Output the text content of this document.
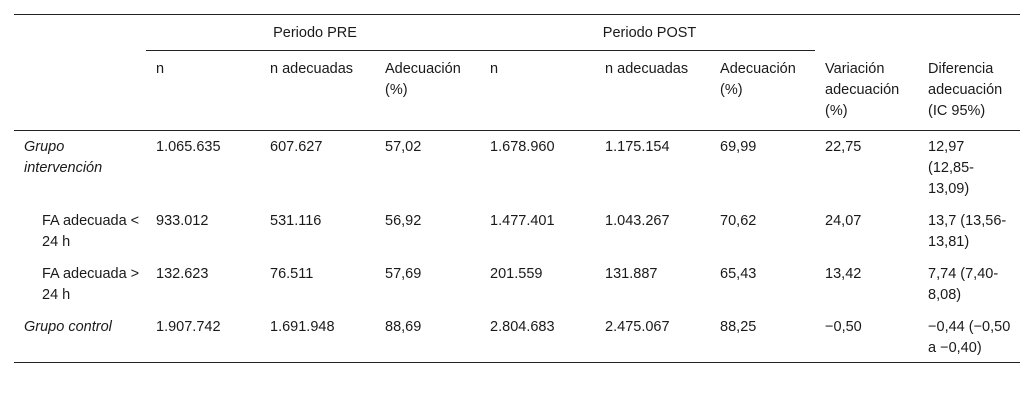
	Periodo PRE			Periodo POST				
	n	n adecuadas	Adecuación (%)	n	n adecuadas	Adecuación (%)	Variación adecuación (%)	Diferencia adecuación (IC 95%)
Grupo intervención	1.065.635	607.627	57,02	1.678.960	1.175.154	69,99	22,75	12,97 (12,85-13,09)
FA adecuada < 24 h	933.012	531.116	56,92	1.477.401	1.043.267	70,62	24,07	13,7 (13,56-13,81)
FA adecuada > 24 h	132.623	76.511	57,69	201.559	131.887	65,43	13,42	7,74 (7,40-8,08)
Grupo control	1.907.742	1.691.948	88,69	2.804.683	2.475.067	88,25	−0,50	−0,44 (−0,50 a −0,40)
